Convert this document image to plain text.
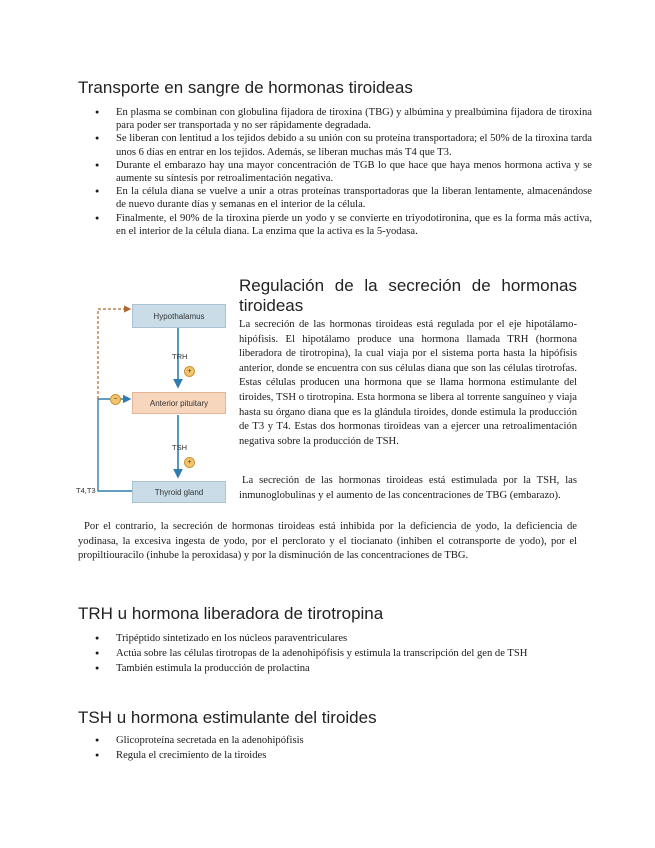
Transporte en sangre de hormonas tiroideas
● En plasma se combinan con globulina fijadora de tiroxina (TBG) y albúmina y prealbúmina fijadora de tiroxina para poder ser transportada y no ser rápidamente degradada.
● Se liberan con lentitud a los tejidos debido a su unión con su proteína transportadora; el 50% de la tiroxina tarda unos 6 días en entrar en los tejidos. Además, se liberan muchas más T4 que T3.
● Durante el embarazo hay una mayor concentración de TGB lo que hace que haya menos hormona activa y se aumente su síntesis por retroalimentación negativa.
● En la célula diana se vuelve a unir a otras proteínas transportadoras que la liberan lentamente, almacenándose de nuevo durante días y semanas en el interior de la célula.
● Finalmente, el 90% de la tiroxina pierde un yodo y se convierte en triyodotironina, que es la forma más activa, en el interior de la célula diana. La enzima que la activa es la 5-yodasa.
Regulación de la secreción de hormonas tiroideas

La secreción de las hormonas tiroideas está regulada por el eje hipotálamo-hipófisis. El hipotálamo produce una hormona llamada TRH (hormona liberadora de tirotropina), la cual viaja por el sistema porta hasta la hipófisis anterior, donde se encuentra con sus células diana que son las células tirotrofas. Estas células producen una hormona que se llama hormona estimulante del tiroides, TSH o tirotropina. Esta hormona se libera al torrente sanguíneo y viaja hasta su órgano diana que es la glándula tiroides, donde estimula la producción de T3 y T4. Estas dos hormonas tiroideas van a ejercer una retroalimentación negativa sobre la producción de TSH.

La secreción de las hormonas tiroideas está estimulada por la TSH, las inmunoglobulinas y el aumento de las concentraciones de TBG (embarazo).

Por el contrario, la secreción de hormonas tiroideas está inhibida por la deficiencia de yodo, la deficiencia de yodinasa, la excesiva ingesta de yodo, por el perclorato y el tiocianato (inhiben el cotransporte de yodo), por el propiltiouracilo (inhube la peroxidasa) y por la disminución de las concentraciones de TBG.

Hypothalamus
TRH
+
Anterior pituitary
TSH
+
Thyroid gland
T4,T3
−
TRH u hormona liberadora de tirotropina
● Tripéptido sintetizado en los núcleos paraventriculares
● Actúa sobre las células tirotropas de la adenohipófisis y estimula la transcripción del gen de TSH
● También estimula la producción de prolactina
TSH u hormona estimulante del tiroides
● Glicoproteína secretada en la adenohipófisis
● Regula el crecimiento de la tiroides
